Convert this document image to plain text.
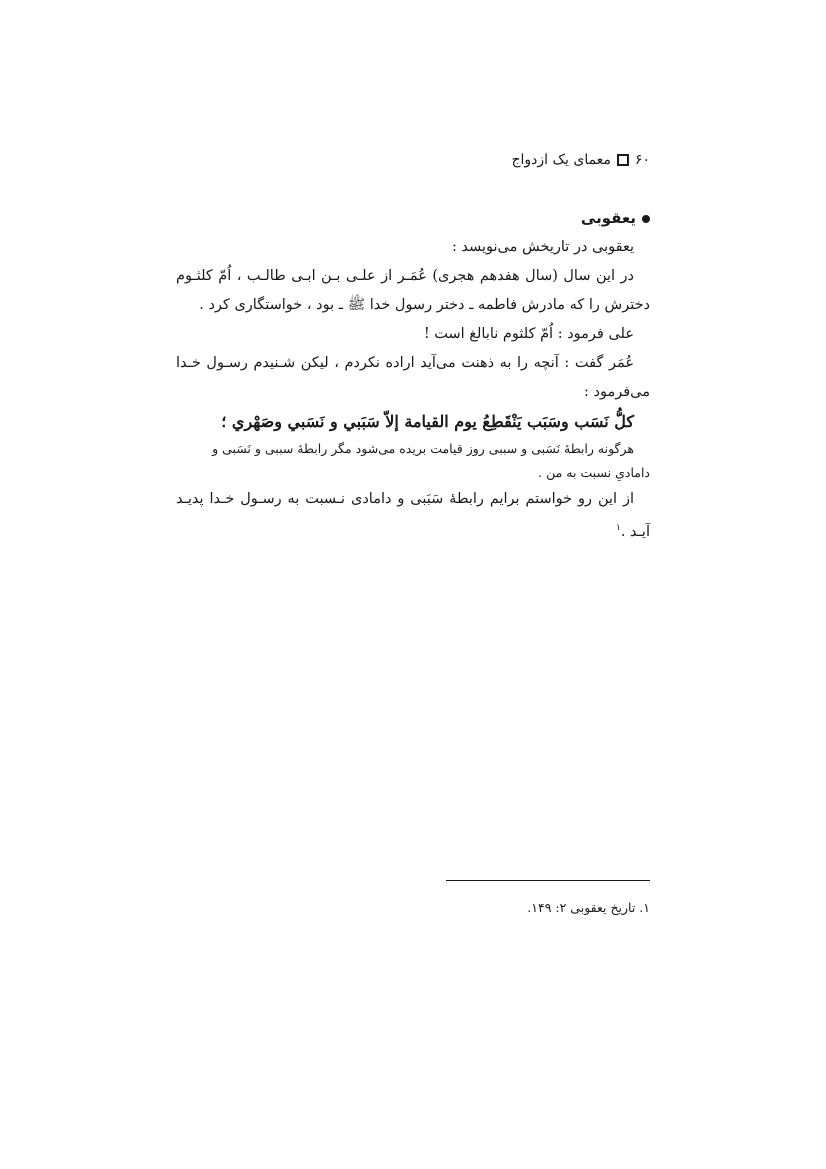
۶۰
معمای یک ازدواج

یعقوبی

یعقوبی در تاریخش می‌نویسد :

در این سال (سال هفدهم هجری) عُمَـر از علـی بـن ابـی طالـب ، اُمّ کلثـوم دخترش را که مادرش فاطمه ـ دختر رسول خدا ﷺ ـ بود ، خواستگاری کرد .

علی فرمود : اُمّ کلثوم نابالغ است !

عُمَر گفت : آنچه را به ذهنت می‌آید اراده نکردم ، لیکن شـنیدم رسـول خـدا می‌فرمود :

كلُّ نَسَب وسَبَب يَنْقَطِعُ يوم القيامة إلاّ سَبَبي و نَسَبي وصَهْري ؛

هرگونه رابطهٔ نَسَبی و سببی روز قیامت بریده می‌شود مگر رابطهٔ سببی و نَسَبی و دامادیِ نسبت به من .

از این رو خواستم برایم رابطهٔ سَبَبی و دامادی نـسبت به رسـول خـدا پدیـد آیـد .$^۱$

۱. تاریخ یعقوبی ۲: ۱۴۹.
